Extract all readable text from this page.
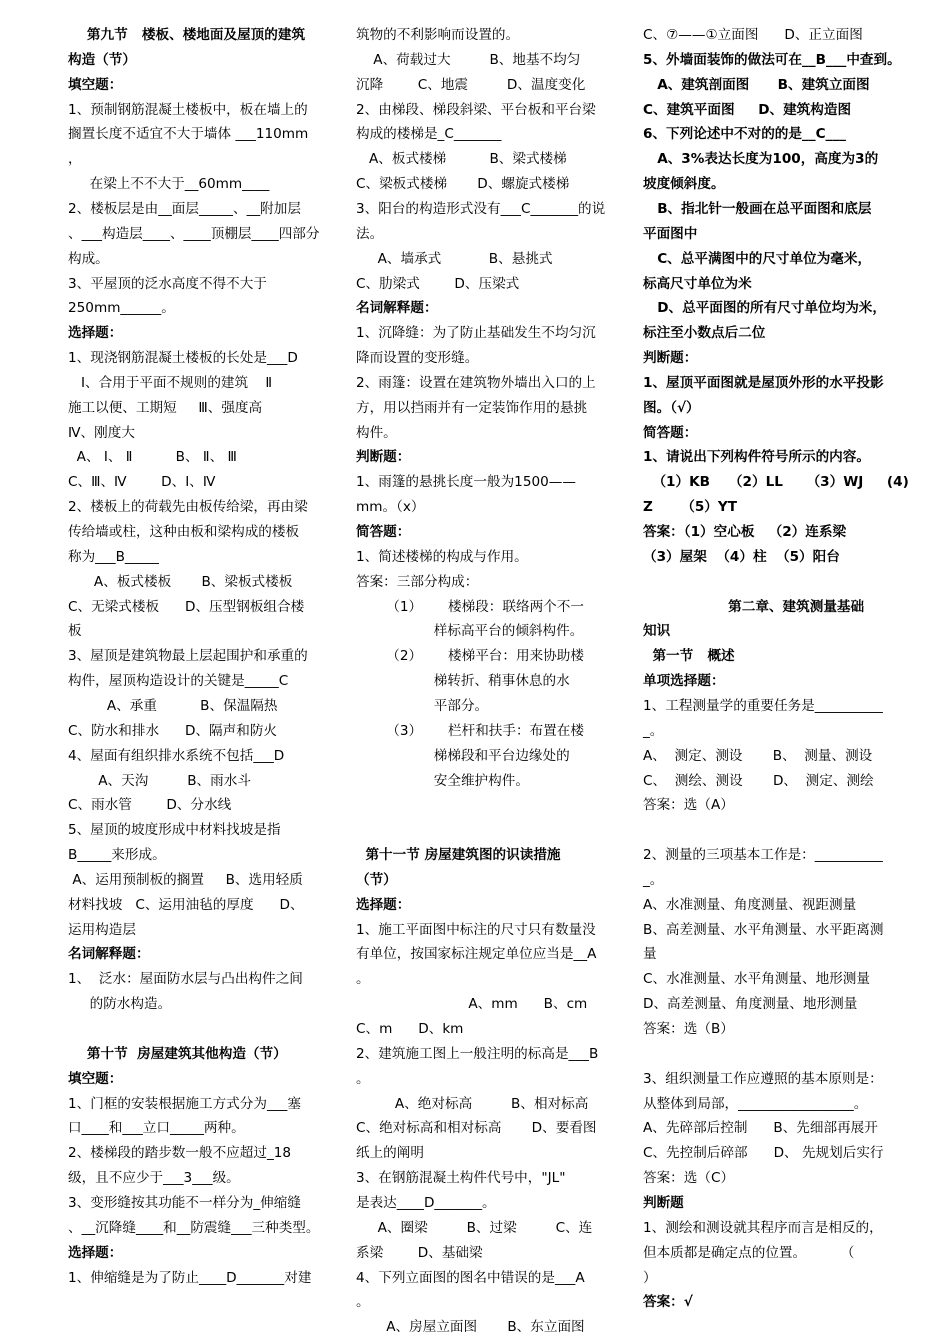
第九节   楼板、楼地面及屋顶的建筑
构造（节）
填空题：
1、预制钢筋混凝土楼板中，板在墙上的
搁置长度不适宜不大于墙体 ___110mm
，
在梁上不不大于__60mm____
2、楼板层是由__面层_____、__附加层
、___构造层____、____顶棚层____四部分
构成。
3、平屋顶的泛水高度不得不大于
250mm______。
选择题：
1、现浇钢筋混凝土楼板的长处是___D
Ⅰ、合用于平面不规则的建筑    Ⅱ
施工以便、工期短     Ⅲ、强度高
Ⅳ、刚度大
A、 Ⅰ、 Ⅱ          B、 Ⅱ、 Ⅲ
C、Ⅲ、Ⅳ        D、Ⅰ、Ⅳ
2、楼板上的荷载先由板传给梁，再由梁
传给墙或柱，这种由板和梁构成的楼板
称为___B_____
A、板式楼板       B、梁板式楼板
C、无梁式楼板      D、压型钢板组合楼
板
3、屋顶是建筑物最上层起围护和承重的
构件，屋顶构造设计的关键是_____C
A、承重          B、保温隔热
C、防水和排水      D、隔声和防火
4、屋面有组织排水系统不包括___D
A、天沟         B、雨水斗
C、雨水管        D、分水线
5、屋顶的坡度形成中材料找坡是指
B_____来形成。
A、运用预制板的搁置     B、选用轻质
材料找坡   C、运用油毡的厚度      D、
运用构造层
名词解释题：
1、  泛水：屋面防水层与凸出构件之间
的防水构造。
第十节  房屋建筑其他构造（节）
填空题：
1、门框的安装根据施工方式分为___塞
口____和___立口_____两种。
2、楼梯段的踏步数一般不应超过_18
级，且不应少于___3___级。
3、变形缝按其功能不一样分为_伸缩缝
、__沉降缝____和__防震缝___三种类型。
选择题：
1、伸缩缝是为了防止____D_______对建
筑物的不利影响而设置的。
A、荷载过大         B、地基不均匀
沉降        C、地震         D、温度变化
2、由梯段、梯段斜梁、平台板和平台梁
构成的楼梯是_C_______
A、板式楼梯          B、梁式楼梯
C、梁板式楼梯       D、螺旋式楼梯
3、阳台的构造形式没有___C_______的说
法。
A、墙承式           B、悬挑式
C、肋梁式        D、压梁式
名词解释题：
1、沉降缝：为了防止基础发生不均匀沉
降而设置的变形缝。
2、雨篷：设置在建筑物外墙出入口的上
方，用以挡雨并有一定装饰作用的悬挑
构件。
判断题：
1、雨篷的悬挑长度一般为1500——
mm。（x）
简答题：
1、简述楼梯的构成与作用。
答案：三部分构成：
（1）      楼梯段：联络两个不一
样标高平台的倾斜构件。
（2）      楼梯平台：用来协助楼
梯转折、稍事休息的水
平部分。
（3）      栏杆和扶手：布置在楼
梯梯段和平台边缘处的
安全维护构件。
第十一节 房屋建筑图的识读措施
（节）
选择题：
1、施工平面图中标注的尺寸只有数量没
有单位，按国家标注规定单位应当是__A
。
A、mm      B、cm
C、m      D、km
2、建筑施工图上一般注明的标高是___B
。
A、绝对标高         B、相对标高
C、绝对标高和相对标高       D、要看图
纸上的阐明
3、在钢筋混凝土构件代号中，"JL"
是表达____D_______。
A、圈梁         B、过梁         C、连
系梁        D、基础梁
4、下列立面图的图名中错误的是___A
。
A、房屋立面图       B、东立面图
C、⑦——①立面图      D、正立面图
5、外墙面装饰的做法可在__B___中查到。
A、建筑剖面图      B、建筑立面图
C、建筑平面图     D、建筑构造图
6、下列论述中不对的的是__C___
A、3%表达长度为100，高度为3的
坡度倾斜度。
B、指北针一般画在总平面图和底层
平面图中
C、总平满图中的尺寸单位为毫米，
标高尺寸单位为米
D、总平面图的所有尺寸单位均为米，
标注至小数点后二位
判断题：
1、屋顶平面图就是屋顶外形的水平投影
图。（√）
简答题：
1、请说出下列构件符号所示的内容。
（1）KB    （2）LL     （3）WJ     (4)
Z      （5）YT
答案：（1）空心板   （2）连系梁
（3）屋架  （4）柱  （5）阳台
第二章、建筑测量基础
知识
第一节   概述
单项选择题：
1、工程测量学的重要任务是__________
_。
A、  测定、测设       B、  测量、测设
C、  测绘、测设       D、  测定、测绘
答案：选（A）
2、测量的三项基本工作是：__________
_。
A、水准测量、角度测量、视距测量
B、高差测量、水平角测量、水平距离测
量
C、水准测量、水平角测量、地形测量
D、高差测量、角度测量、地形测量
答案：选（B）
3、组织测量工作应遵照的基本原则是：
从整体到局部，_________________。
A、先碎部后控制      B、先细部再展开
C、先控制后碎部      D、 先规划后实行
答案：选（C）
判断题
1、测绘和测设就其程序而言是相反的，
但本质都是确定点的位置。        （
）
答案：√
